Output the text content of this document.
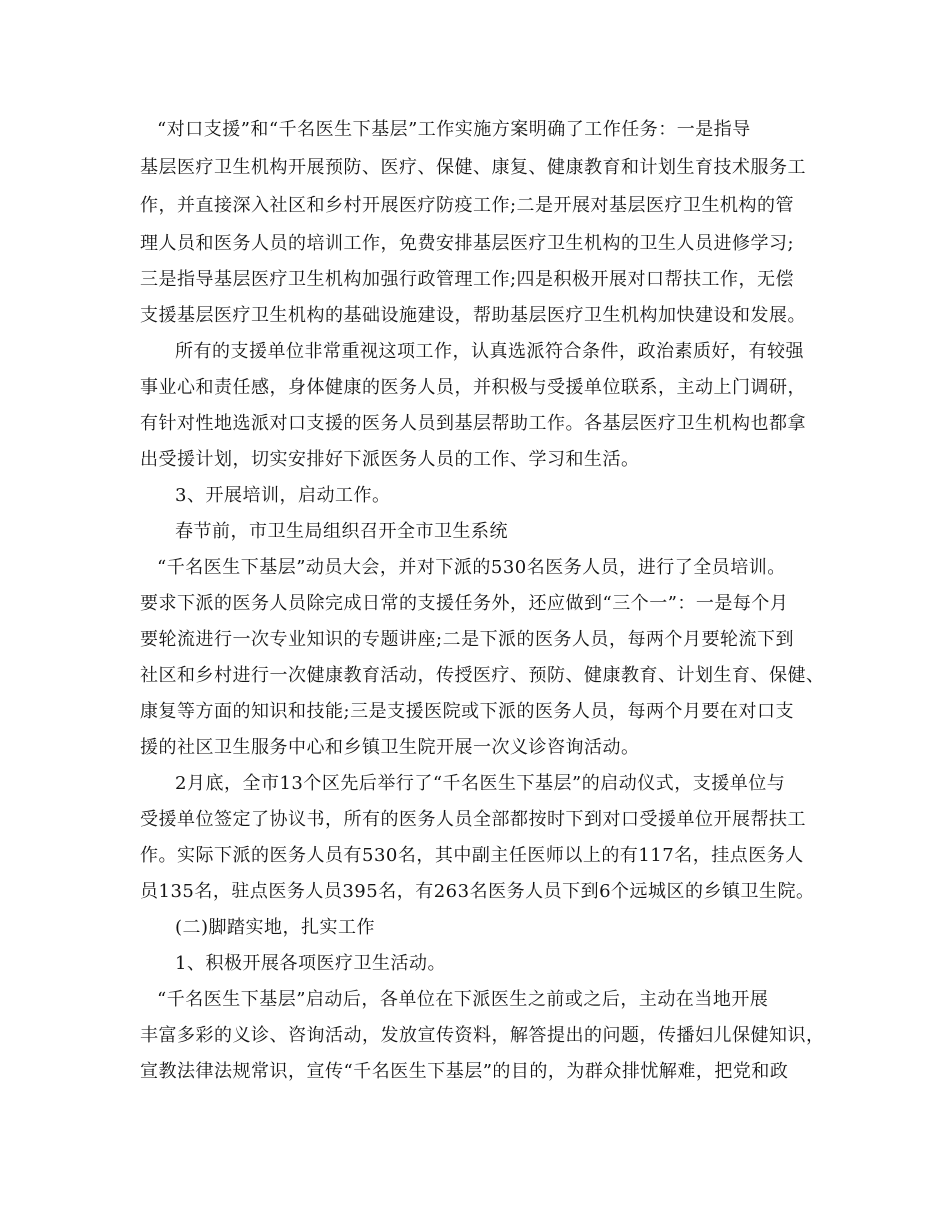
“对口支援”和“千名医生下基层”工作实施方案明确了工作任务：一是指导

基层医疗卫生机构开展预防、医疗、保健、康复、健康教育和计划生育技术服务工

作，并直接深入社区和乡村开展医疗防疫工作;二是开展对基层医疗卫生机构的管

理人员和医务人员的培训工作，免费安排基层医疗卫生机构的卫生人员进修学习;

三是指导基层医疗卫生机构加强行政管理工作;四是积极开展对口帮扶工作，无偿

支援基层医疗卫生机构的基础设施建设，帮助基层医疗卫生机构加快建设和发展。

所有的支援单位非常重视这项工作，认真选派符合条件，政治素质好，有较强

事业心和责任感，身体健康的医务人员，并积极与受援单位联系，主动上门调研，

有针对性地选派对口支援的医务人员到基层帮助工作。各基层医疗卫生机构也都拿

出受援计划，切实安排好下派医务人员的工作、学习和生活。

3、开展培训，启动工作。

春节前，市卫生局组织召开全市卫生系统

“千名医生下基层”动员大会，并对下派的530名医务人员，进行了全员培训。

要求下派的医务人员除完成日常的支援任务外，还应做到“三个一”：一是每个月

要轮流进行一次专业知识的专题讲座;二是下派的医务人员，每两个月要轮流下到

社区和乡村进行一次健康教育活动，传授医疗、预防、健康教育、计划生育、保健、

康复等方面的知识和技能;三是支援医院或下派的医务人员，每两个月要在对口支

援的社区卫生服务中心和乡镇卫生院开展一次义诊咨询活动。

2月底，全市13个区先后举行了“千名医生下基层”的启动仪式，支援单位与

受援单位签定了协议书，所有的医务人员全部都按时下到对口受援单位开展帮扶工

作。实际下派的医务人员有530名，其中副主任医师以上的有117名，挂点医务人

员135名，驻点医务人员395名，有263名医务人员下到6个远城区的乡镇卫生院。

(二)脚踏实地，扎实工作

1、积极开展各项医疗卫生活动。

“千名医生下基层”启动后，各单位在下派医生之前或之后，主动在当地开展

丰富多彩的义诊、咨询活动，发放宣传资料，解答提出的问题，传播妇儿保健知识，

宣教法律法规常识，宣传“千名医生下基层”的目的，为群众排忧解难，把党和政
